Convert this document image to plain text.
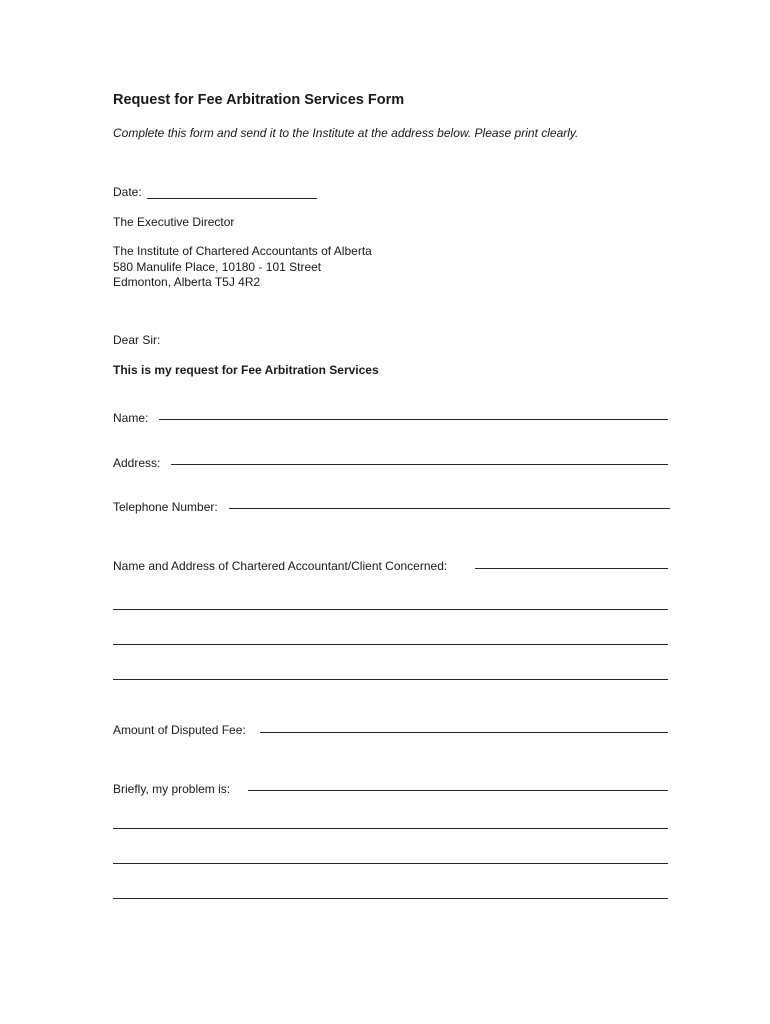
Request for Fee Arbitration Services Form
Complete this form and send it to the Institute at the address below. Please print clearly.
Date:
The Executive Director
The Institute of Chartered Accountants of Alberta
580 Manulife Place, 10180 - 101 Street
Edmonton, Alberta T5J 4R2
Dear Sir:
This is my request for Fee Arbitration Services
Name:
Address:
Telephone Number:
Name and Address of Chartered Accountant/Client Concerned:
Amount of Disputed Fee:
Briefly, my problem is:
